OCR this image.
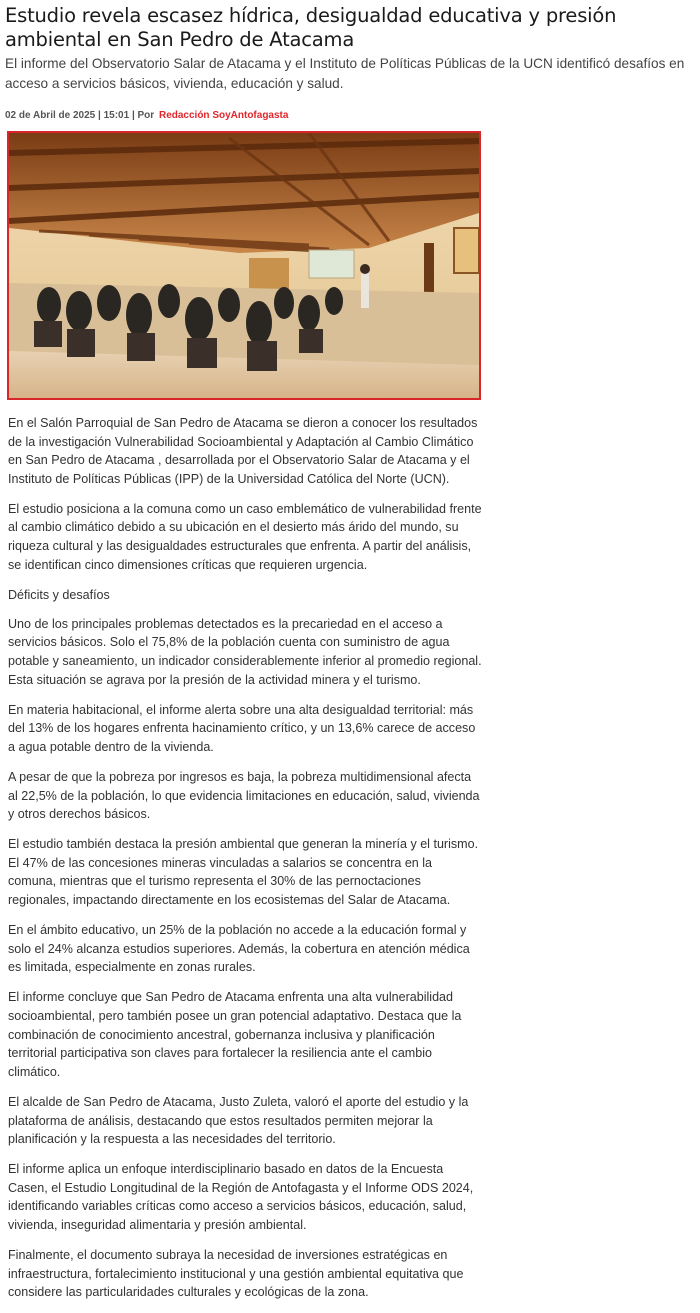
Estudio revela escasez hídrica, desigualdad educativa y presión ambiental en San Pedro de Atacama

El informe del Observatorio Salar de Atacama y el Instituto de Políticas Públicas de la UCN identificó desafíos en acceso a servicios básicos, vivienda, educación y salud.

02 de Abril de 2025 | 15:01 | Por Redacción SoyAntofagasta

En el Salón Parroquial de San Pedro de Atacama se dieron a conocer los resultados de la investigación Vulnerabilidad Socioambiental y Adaptación al Cambio Climático en San Pedro de Atacama , desarrollada por el Observatorio Salar de Atacama y el Instituto de Políticas Públicas (IPP) de la Universidad Católica del Norte (UCN).

El estudio posiciona a la comuna como un caso emblemático de vulnerabilidad frente al cambio climático debido a su ubicación en el desierto más árido del mundo, su riqueza cultural y las desigualdades estructurales que enfrenta. A partir del análisis, se identifican cinco dimensiones críticas que requieren urgencia.

Déficits y desafíos

Uno de los principales problemas detectados es la precariedad en el acceso a servicios básicos. Solo el 75,8% de la población cuenta con suministro de agua potable y saneamiento, un indicador considerablemente inferior al promedio regional. Esta situación se agrava por la presión de la actividad minera y el turismo.

En materia habitacional, el informe alerta sobre una alta desigualdad territorial: más del 13% de los hogares enfrenta hacinamiento crítico, y un 13,6% carece de acceso a agua potable dentro de la vivienda.

A pesar de que la pobreza por ingresos es baja, la pobreza multidimensional afecta al 22,5% de la población, lo que evidencia limitaciones en educación, salud, vivienda y otros derechos básicos.

El estudio también destaca la presión ambiental que generan la minería y el turismo. El 47% de las concesiones mineras vinculadas a salarios se concentra en la comuna, mientras que el turismo representa el 30% de las pernoctaciones regionales, impactando directamente en los ecosistemas del Salar de Atacama.

En el ámbito educativo, un 25% de la población no accede a la educación formal y solo el 24% alcanza estudios superiores. Además, la cobertura en atención médica es limitada, especialmente en zonas rurales.

El informe concluye que San Pedro de Atacama enfrenta una alta vulnerabilidad socioambiental, pero también posee un gran potencial adaptativo. Destaca que la combinación de conocimiento ancestral, gobernanza inclusiva y planificación territorial participativa son claves para fortalecer la resiliencia ante el cambio climático.

El alcalde de San Pedro de Atacama, Justo Zuleta, valoró el aporte del estudio y la plataforma de análisis, destacando que estos resultados permiten mejorar la planificación y la respuesta a las necesidades del territorio.

El informe aplica un enfoque interdisciplinario basado en datos de la Encuesta Casen, el Estudio Longitudinal de la Región de Antofagasta y el Informe ODS 2024, identificando variables críticas como acceso a servicios básicos, educación, salud, vivienda, inseguridad alimentaria y presión ambiental.

Finalmente, el documento subraya la necesidad de inversiones estratégicas en infraestructura, fortalecimiento institucional y una gestión ambiental equitativa que considere las particularidades culturales y ecológicas de la zona.
